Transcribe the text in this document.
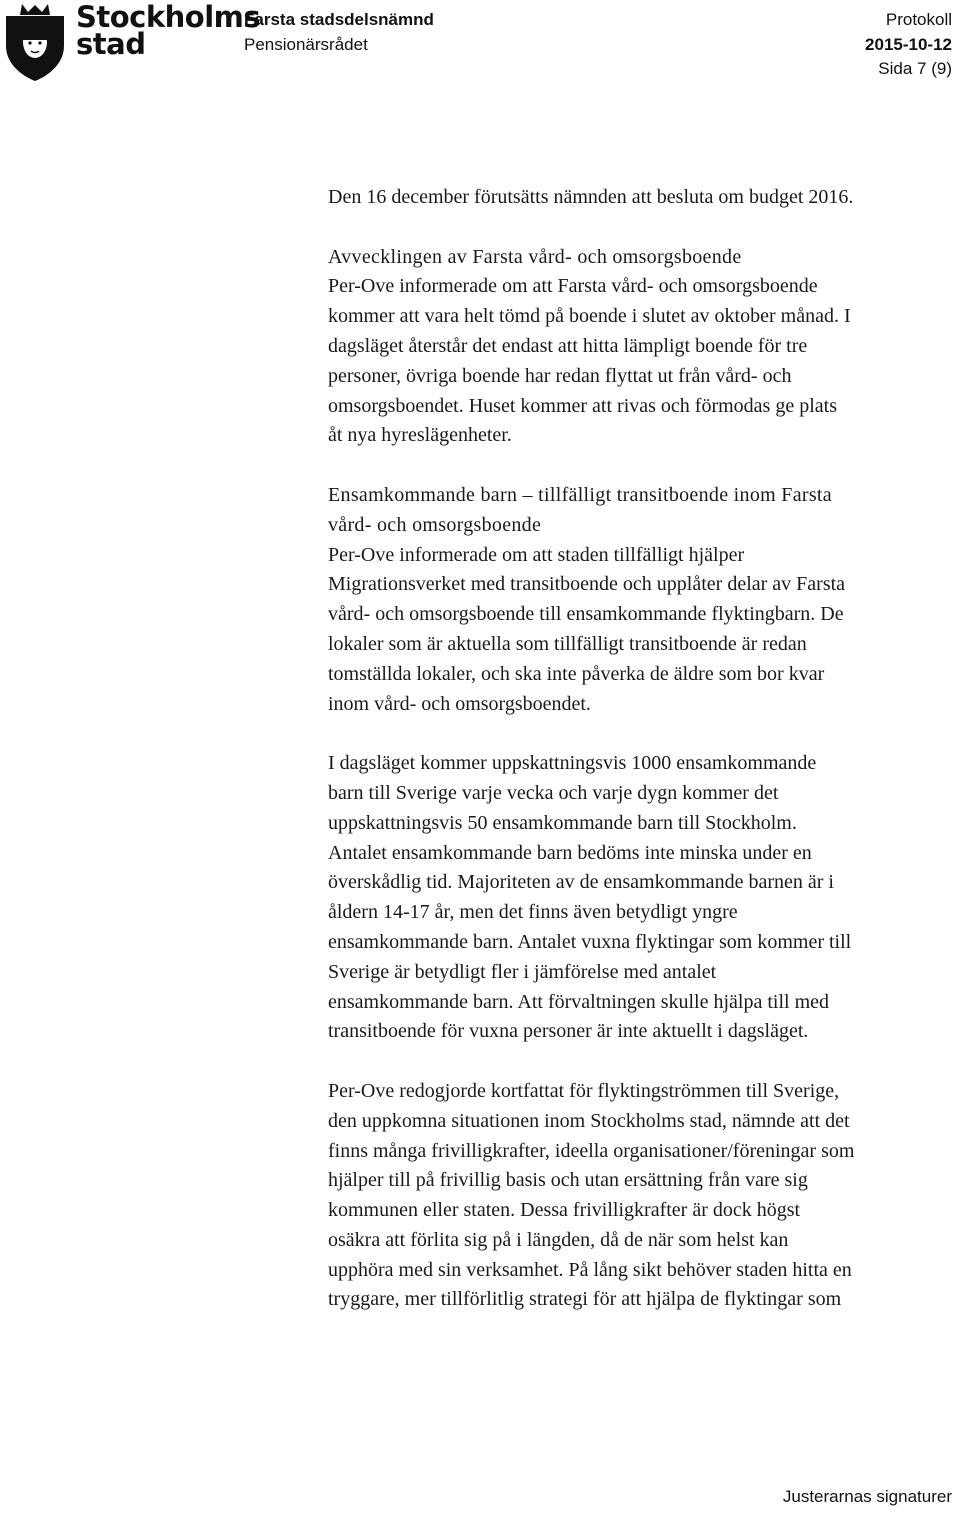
Stockholms
stad
Farsta stadsdelsnämnd
Pensionärsrådet
Protokoll
2015-10-12
Sida 7 (9)
Den 16 december förutsätts nämnden att besluta om budget 2016.
Avvecklingen av Farsta vård- och omsorgsboende
Per-Ove informerade om att Farsta vård- och omsorgsboende
kommer att vara helt tömd på boende i slutet av oktober månad. I
dagsläget återstår det endast att hitta lämpligt boende för tre
personer, övriga boende har redan flyttat ut från vård- och
omsorgsboendet. Huset kommer att rivas och förmodas ge plats
åt nya hyreslägenheter.
Ensamkommande barn – tillfälligt transitboende inom Farsta
vård- och omsorgsboende
Per-Ove informerade om att staden tillfälligt hjälper
Migrationsverket med transitboende och upplåter delar av Farsta
vård- och omsorgsboende till ensamkommande flyktingbarn. De
lokaler som är aktuella som tillfälligt transitboende är redan
tomställda lokaler, och ska inte påverka de äldre som bor kvar
inom vård- och omsorgsboendet.
I dagsläget kommer uppskattningsvis 1000 ensamkommande
barn till Sverige varje vecka och varje dygn kommer det
uppskattningsvis 50 ensamkommande barn till Stockholm.
Antalet ensamkommande barn bedöms inte minska under en
överskådlig tid. Majoriteten av de ensamkommande barnen är i
åldern 14-17 år, men det finns även betydligt yngre
ensamkommande barn. Antalet vuxna flyktingar som kommer till
Sverige är betydligt fler i jämförelse med antalet
ensamkommande barn. Att förvaltningen skulle hjälpa till med
transitboende för vuxna personer är inte aktuellt i dagsläget.
Per-Ove redogjorde kortfattat för flyktingströmmen till Sverige,
den uppkomna situationen inom Stockholms stad, nämnde att det
finns många frivilligkrafter, ideella organisationer/föreningar som
hjälper till på frivillig basis och utan ersättning från vare sig
kommunen eller staten. Dessa frivilligkrafter är dock högst
osäkra att förlita sig på i längden, då de när som helst kan
upphöra med sin verksamhet. På lång sikt behöver staden hitta en
tryggare, mer tillförlitlig strategi för att hjälpa de flyktingar som
Justerarnas signaturer
